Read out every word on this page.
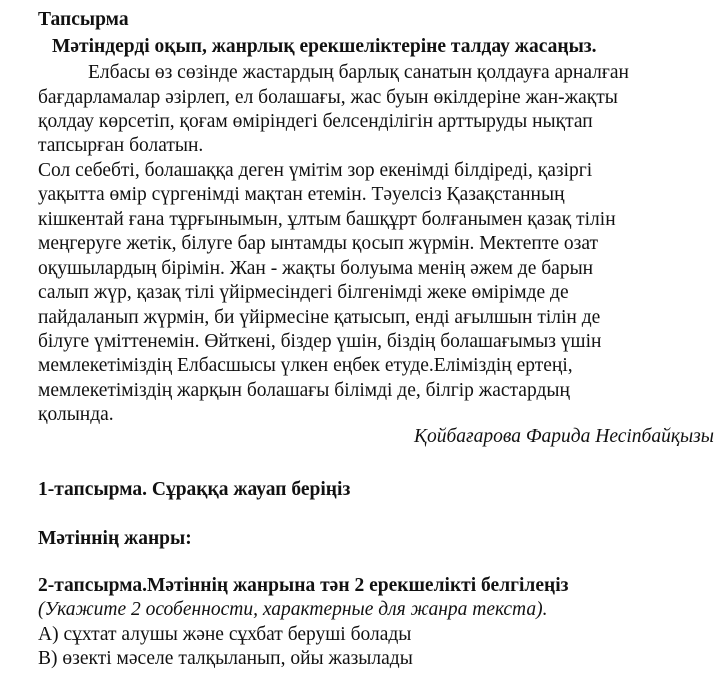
Тапсырма
Мәтіндерді оқып, жанрлық ерекшеліктеріне талдау жасаңыз.
Елбасы өз сөзінде жастардың барлық санатын қолдауға арналған
бағдарламалар әзірлеп, ел болашағы, жас буын өкілдеріне жан-жақты
қолдау көрсетіп, қоғам өміріндегі белсенділігін арттыруды нықтап
тапсырған болатын.
Сол себебті, болашаққа деген үмітім зор екенімді білдіреді, қазіргі
уақытта өмір сүргенімді мақтан етемін. Тәуелсіз Қазақстанның
кішкентай ғана тұрғынымын, ұлтым башқұрт болғанымен қазақ тілін
меңгеруге жетік, білуге бар ынтамды қосып жүрмін. Мектепте озат
оқушылардың бірімін. Жан - жақты болуыма менің әжем де барын
салып жүр, қазақ тілі үйірмесіндегі білгенімді жеке өмірімде де
пайдаланып жүрмін, би үйірмесіне қатысып, енді ағылшын тілін де
білуге үміттенемін. Өйткені, біздер үшін, біздің болашағымыз үшін
мемлекетіміздің Елбасшысы үлкен еңбек етуде.Еліміздің ертеңі,
мемлекетіміздің жарқын болашағы білімді де, білгір жастардың
қолында.
Қойбағарова Фарида Несіпбайқызы
1-тапсырма. Сұраққа жауап беріңіз
Мәтіннің жанры:
2-тапсырма.Мәтіннің жанрына тән 2 ерекшелікті белгілеңіз
(Укажите 2 особенности, характерные для жанра текста).
А) сұхтат алушы және сұхбат беруші болады
В) өзекті мәселе талқыланып, ойы жазылады
